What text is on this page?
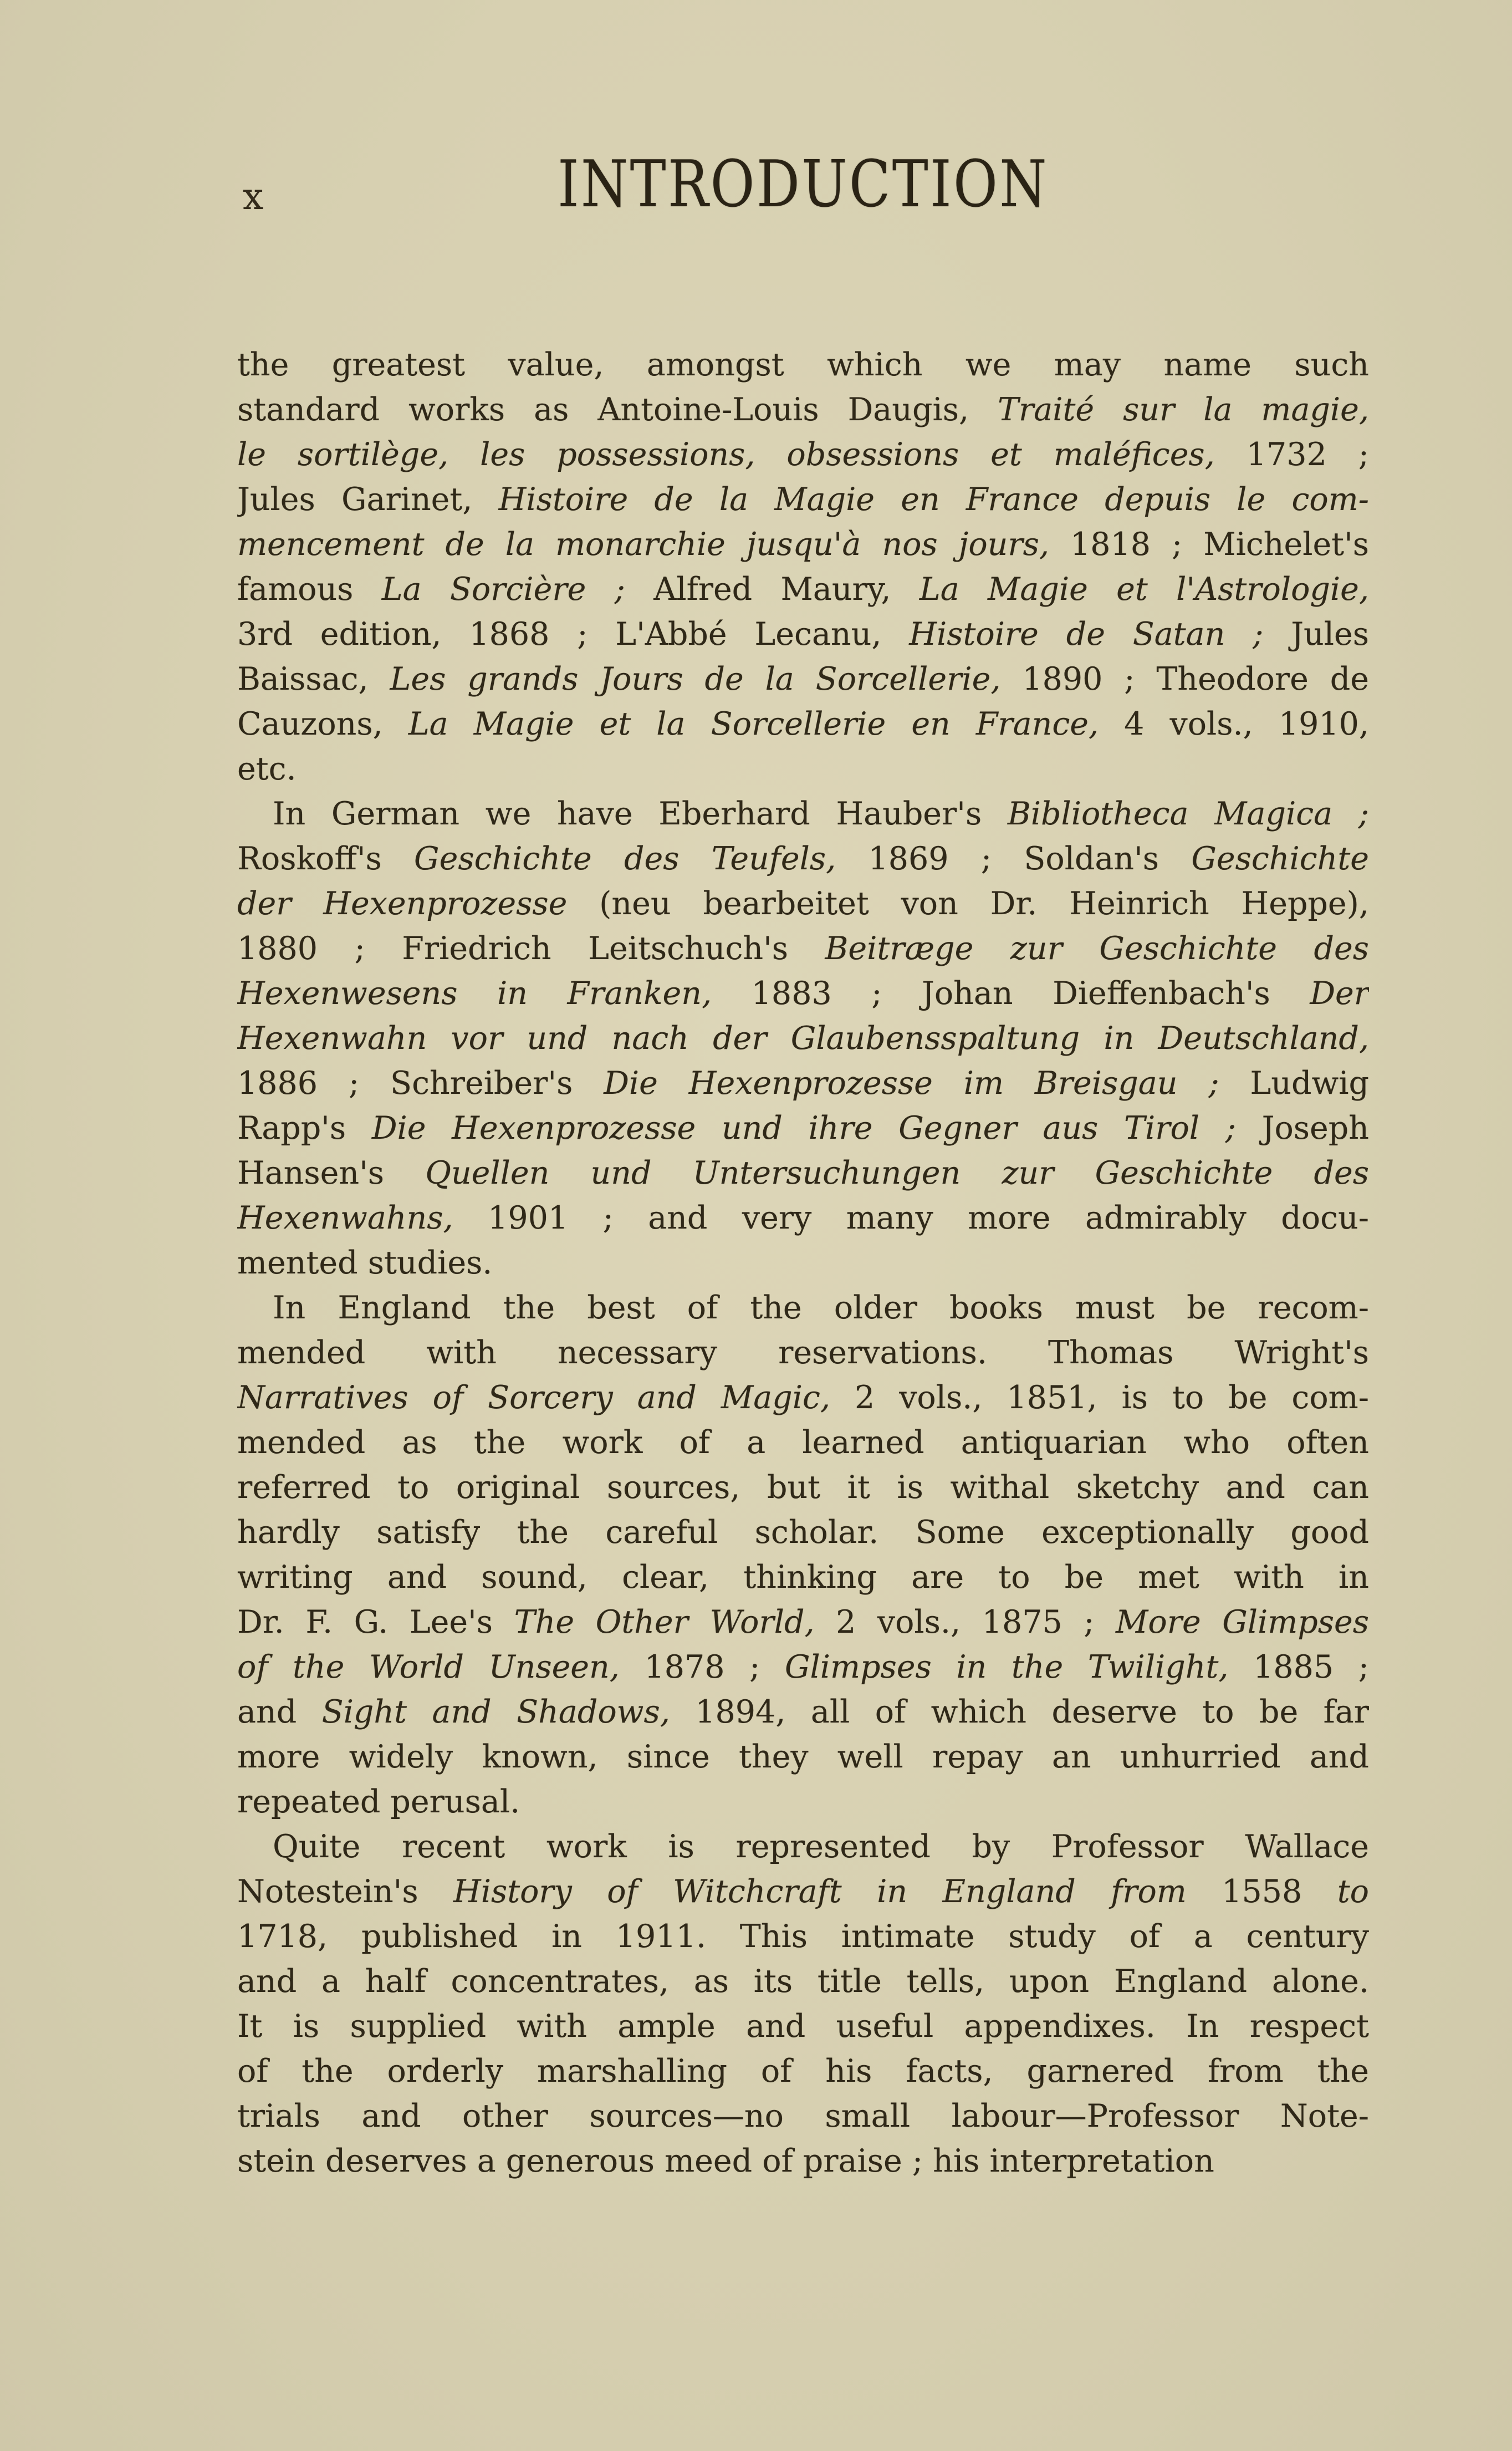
x	INTRODUCTION
the greatest value, amongst which we may name such
standard works as Antoine-Louis Daugis, Traité sur la magie,
le sortilège, les possessions, obsessions et maléfices, 1732 ;
Jules Garinet, Histoire de la Magie en France depuis le com-
mencement de la monarchie jusqu'à nos jours, 1818 ; Michelet's
famous La Sorcière ; Alfred Maury, La Magie et l'Astrologie,
3rd edition, 1868 ; L'Abbé Lecanu, Histoire de Satan ; Jules
Baissac, Les grands Jours de la Sorcellerie, 1890 ; Theodore de
Cauzons, La Magie et la Sorcellerie en France, 4 vols., 1910,
etc.
In German we have Eberhard Hauber's Bibliotheca Magica ;
Roskoff's Geschichte des Teufels, 1869 ; Soldan's Geschichte
der Hexenprozesse (neu bearbeitet von Dr. Heinrich Heppe),
1880 ; Friedrich Leitschuch's Beitræge zur Geschichte des
Hexenwesens in Franken, 1883 ; Johan Dieffenbach's Der
Hexenwahn vor und nach der Glaubensspaltung in Deutschland,
1886 ; Schreiber's Die Hexenprozesse im Breisgau ; Ludwig
Rapp's Die Hexenprozesse und ihre Gegner aus Tirol ; Joseph
Hansen's Quellen und Untersuchungen zur Geschichte des
Hexenwahns, 1901 ; and very many more admirably docu-
mented studies.
In England the best of the older books must be recom-
mended with necessary reservations. Thomas Wright's
Narratives of Sorcery and Magic, 2 vols., 1851, is to be com-
mended as the work of a learned antiquarian who often
referred to original sources, but it is withal sketchy and can
hardly satisfy the careful scholar. Some exceptionally good
writing and sound, clear, thinking are to be met with in
Dr. F. G. Lee's The Other World, 2 vols., 1875 ; More Glimpses
of the World Unseen, 1878 ; Glimpses in the Twilight, 1885 ;
and Sight and Shadows, 1894, all of which deserve to be far
more widely known, since they well repay an unhurried and
repeated perusal.
Quite recent work is represented by Professor Wallace
Notestein's History of Witchcraft in England from 1558 to
1718, published in 1911. This intimate study of a century
and a half concentrates, as its title tells, upon England alone.
It is supplied with ample and useful appendixes. In respect
of the orderly marshalling of his facts, garnered from the
trials and other sources—no small labour—Professor Note-
stein deserves a generous meed of praise ; his interpretation
